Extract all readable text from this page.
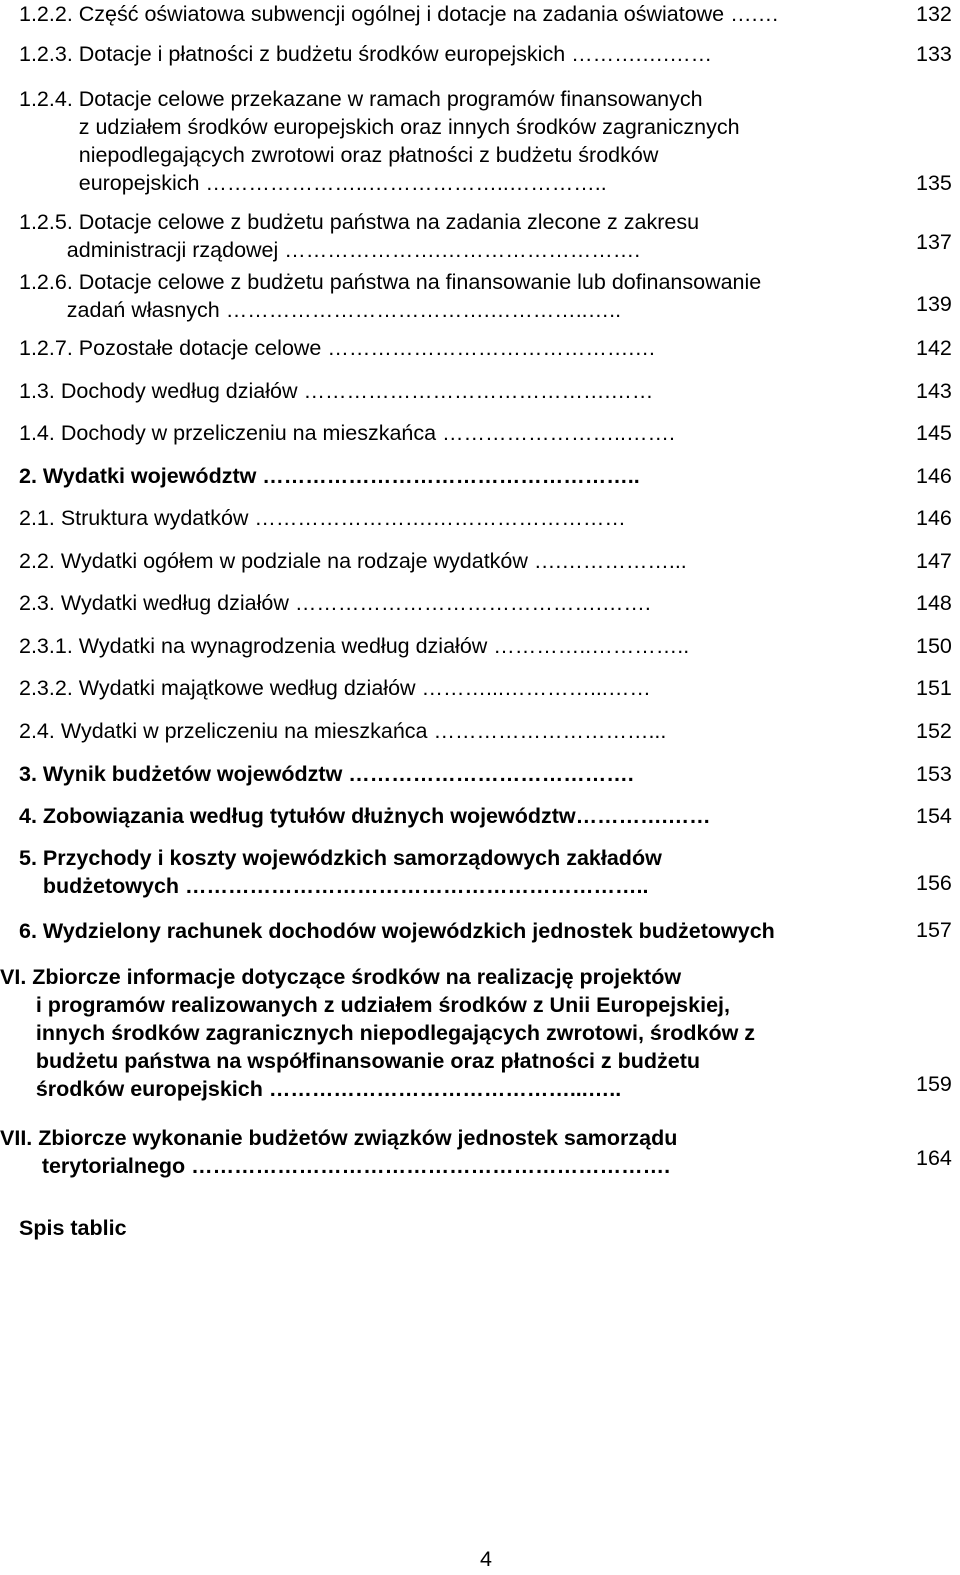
1.2.2. Część oświatowa subwencji ogólnej i dotacje na zadania oświatowe ….…	132
1.2.3. Dotacje i płatności z budżetu środków europejskich ……….….……	133
1.2.4. Dotacje celowe przekazane w ramach programów finansowanych
z udziałem środków europejskich oraz innych środków zagranicznych
niepodlegających zwrotowi oraz płatności z budżetu środków
europejskich …………………..………………..…………..	135
1.2.5. Dotacje celowe z budżetu państwa na zadania zlecone z zakresu
administracji rządowej ………………….……………………….	137
1.2.6. Dotacje celowe z budżetu państwa na finansowanie lub dofinansowanie
zadań własnych ……………………………….…………..…..	139
1.2.7. Pozostałe dotacje celowe …………………………………….…	142
1.3. Dochody według działów …………………………………….……	143
1.4. Dochody w przeliczeniu na mieszkańca ……………………..…….	145
2. Wydatki województw ……………………………………………..	146
2.1. Struktura wydatków …………………….………………………	146
2.2. Wydatki ogółem w podziale na rodzaje wydatków ….……………...	147
2.3. Wydatki według działów …………………………………….…….	148
2.3.1. Wydatki na wynagrodzenia według działów …………..…………..	150
2.3.2. Wydatki majątkowe według działów ………...…………...……	151
2.4. Wydatki w przeliczeniu na mieszkańca …………………………...	152
3. Wynik budżetów województw ………………………………….	153
4. Zobowiązania według tytułów dłużnych województw………….……	154
5. Przychody i koszty wojewódzkich samorządowych zakładów
budżetowych ………………………………………………………..	156
6. Wydzielony rachunek dochodów wojewódzkich jednostek budżetowych	157
VI. Zbiorcze informacje dotyczące środków na realizację projektów
i programów realizowanych z udziałem środków z Unii Europejskiej,
innych środków zagranicznych niepodlegających zwrotowi, środków z
budżetu państwa na współfinansowanie oraz płatności z budżetu
środków europejskich ……………………………………...…..	159
VII. Zbiorcze wykonanie budżetów związków jednostek samorządu
terytorialnego ………………………………………………………….	164
Spis tablic
4
